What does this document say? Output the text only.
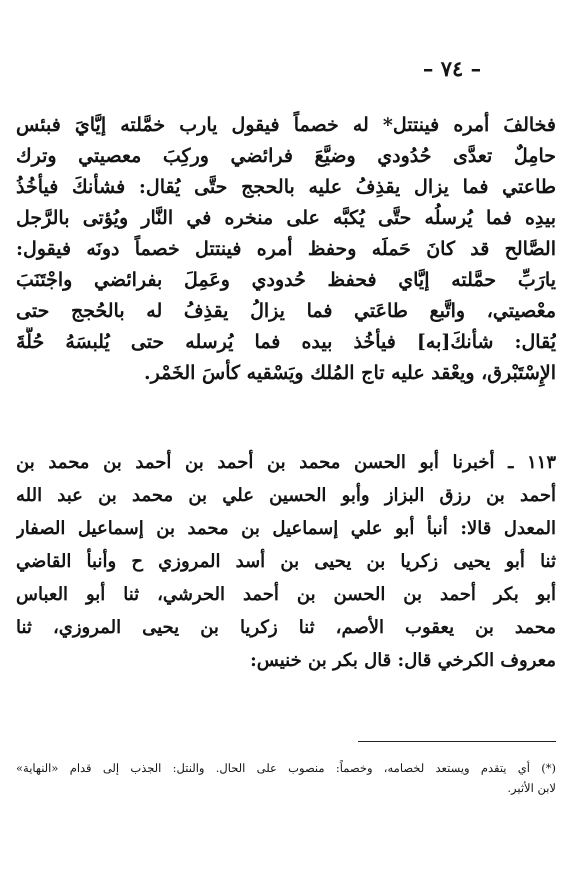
– ٧٤ –
فخالفَ أمره فينتتل* له خصماً فيقول يارب خمَّلته إيَّايَ فبئس
حامِلٌ تعدَّى حُدُودي وضيَّعَ فرائضي وركِبَ معصيتي وترك
طاعتي فما يزال يقذِفُ عليه بالحجج حتَّى يُقال: فشأنكَ فيأخُذُ
بيدِه فما يُرسلُه حتَّى يُكبَّه على منخره في النَّار ويُؤتى بالرَّجل
الصَّالح قد كانَ حَملَه وحفظ أمره فينتتل خصماً دونَه فيقول:
يارَبِّ حمَّلته إيَّاي فحفظ حُدودي وعَمِلَ بفرائضي واجْتَنَبَ
معْصيتي، واتَّبع طاعَتي فما يزالُ يقذِفُ له بالحُجج حتى
يُقال: شأنكَ[به] فيأخُذ بيده فما يُرسله حتى يُلبسَهُ حُلَّةَ
الإِسْتَبْرق، ويعْقد عليه تاج المُلك ويَسْقيه كأسَ الخَمْر.
١١٣ ـ أخبرنا أبو الحسن محمد بن أحمد بن أحمد بن محمد بن
أحمد بن رزق البزاز وأبو الحسين علي بن محمد بن عبد الله
المعدل قالا: أنبأ أبو علي إسماعيل بن محمد بن إسماعيل الصفار
ثنا أبو يحيى زكريا بن يحيى بن أسد المروزي ح وأنبأ القاضي
أبو بكر أحمد بن الحسن بن أحمد الحرشي، ثنا أبو العباس
محمد بن يعقوب الأصم، ثنا زكريا بن يحيى المروزي، ثنا
معروف الكرخي قال: قال بكر بن خنيس:
(*) أي يتقدم ويستعد لخصامه، وخصماً: منصوب على الحال. والنتل: الجذب إلى قدام «النهاية»
لابن الأثير.
